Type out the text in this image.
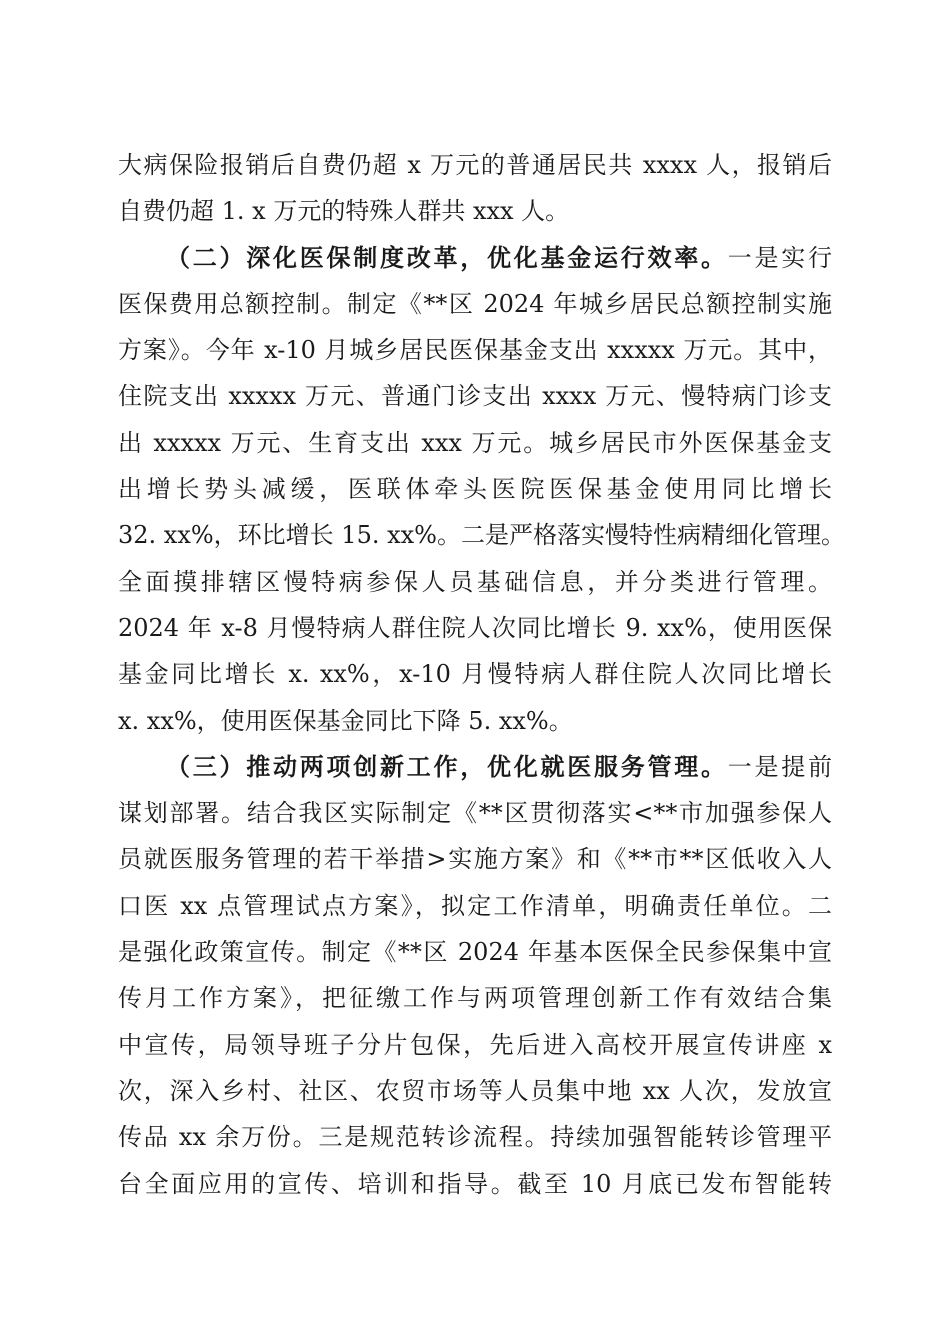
大病保险报销后自费仍超 x 万元的普通居民共 xxxx 人，报销后
自费仍超 1. x 万元的特殊人群共 xxx 人。
（二）深化医保制度改革，优化基金运行效率。一是实行
医保费用总额控制。制定《**区 2024 年城乡居民总额控制实施
方案》。今年 x-10 月城乡居民医保基金支出 xxxxx 万元。其中，
住院支出 xxxxx 万元、普通门诊支出 xxxx 万元、慢特病门诊支
出 xxxxx 万元、生育支出 xxx 万元。城乡居民市外医保基金支
出增长势头减缓，医联体牵头医院医保基金使用同比增长
32. xx%，环比增长 15. xx%。二是严格落实慢特性病精细化管理。
全面摸排辖区慢特病参保人员基础信息，并分类进行管理。
2024 年 x-8 月慢特病人群住院人次同比增长 9. xx%，使用医保
基金同比增长 x. xx%，x-10 月慢特病人群住院人次同比增长
x. xx%，使用医保基金同比下降 5. xx%。
（三）推动两项创新工作，优化就医服务管理。一是提前
谋划部署。结合我区实际制定《**区贯彻落实<**市加强参保人
员就医服务管理的若干举措>实施方案》和《**市**区低收入人
口医 xx 点管理试点方案》，拟定工作清单，明确责任单位。二
是强化政策宣传。制定《**区 2024 年基本医保全民参保集中宣
传月工作方案》，把征缴工作与两项管理创新工作有效结合集
中宣传，局领导班子分片包保，先后进入高校开展宣传讲座 x
次，深入乡村、社区、农贸市场等人员集中地 xx 人次，发放宣
传品 xx 余万份。三是规范转诊流程。持续加强智能转诊管理平
台全面应用的宣传、培训和指导。截至 10 月底已发布智能转
